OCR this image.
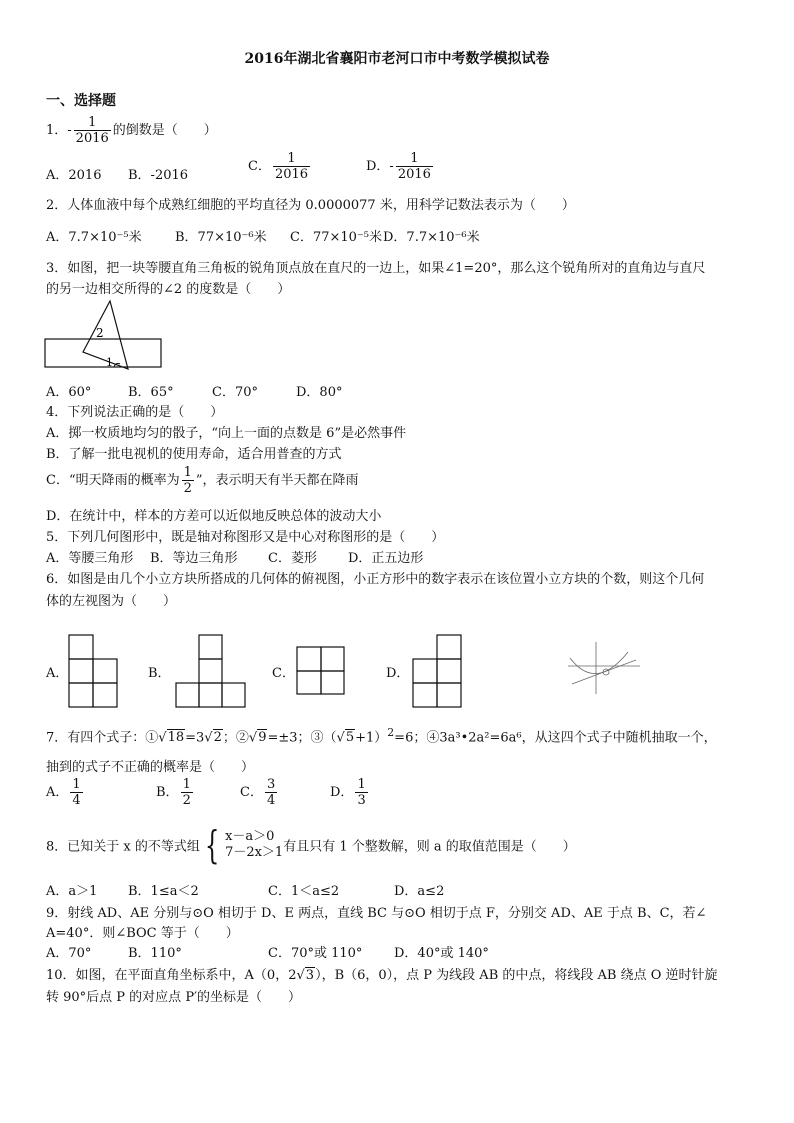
2016年湖北省襄阳市老河口市中考数学模拟试卷
一、选择题
1．- $\frac{1}{2016}$ 的倒数是（　　）
A．2016 B．-2016
C． $\frac{1}{2016}$	D．- $\frac{1}{2016}$
2．人体血液中每个成熟红细胞的平均直径为 0.0000077 米，用科学记数法表示为（　　）
A．7.7×10⁻⁵米	B．77×10⁻⁶米 C．77×10⁻⁵米 D．7.7×10⁻⁶米
3．如图，把一块等腰直角三角板的锐角顶点放在直尺的一边上，如果∠1=20°，那么这个锐角所对的直角边与直尺
的另一边相交所得的∠2 的度数是（　　）
2
1
A．60°	B．65°	C．70°	D．80°
4．下列说法正确的是（　　）
A．掷一枚质地均匀的骰子，“向上一面的点数是 6”是必然事件
B．了解一批电视机的使用寿命，适合用普查的方式
C．“明天降雨的概率为 $\frac{1}{2}$ ”，表示明天有半天都在降雨
D．在统计中，样本的方差可以近似地反映总体的波动大小
5．下列几何图形中，既是轴对称图形又是中心对称图形的是（　　）
A．等腰三角形 B．等边三角形 C．菱形 D．正五边形
6．如图是由几个小立方块所搭成的几何体的俯视图，小正方形中的数字表示在该位置小立方块的个数，则这个几何
体的左视图为（　　）
A．	B．	C．	D．
7．有四个式子：①√18=3√2；②√9=±3；$③(√5+1)^2=6$；④3a³•2a²=6a⁶，从这四个式子中随机抽取一个，
抽到的式子不正确的概率是（　　）
A． $\frac{1}{4}$	B． $\frac{1}{2}$	C． $\frac{3}{4}$	D． $\frac{1}{3}$
8．已知关于 x 的不等式组 { x－a＞0
7－2x＞1 有且只有 1 个整数解，则 a 的取值范围是（　　）
A．a＞1 B．1≤a＜2	C．1＜a≤2	D．a≤2
9．射线 AD、AE 分别与⊙O 相切于 D、E 两点，直线 BC 与⊙O 相切于点 F，分别交 AD、AE 于点 B、C，若∠
A=40°．则∠BOC 等于（　　）
A．70°	B．110°	C．70°或 110° D．40°或 140°
10．如图，在平面直角坐标系中，A（0，2√3），B（6，0），点 P 为线段 AB 的中点，将线段 AB 绕点 O 逆时针旋
转 90°后点 P 的对应点 P′的坐标是（　　）
